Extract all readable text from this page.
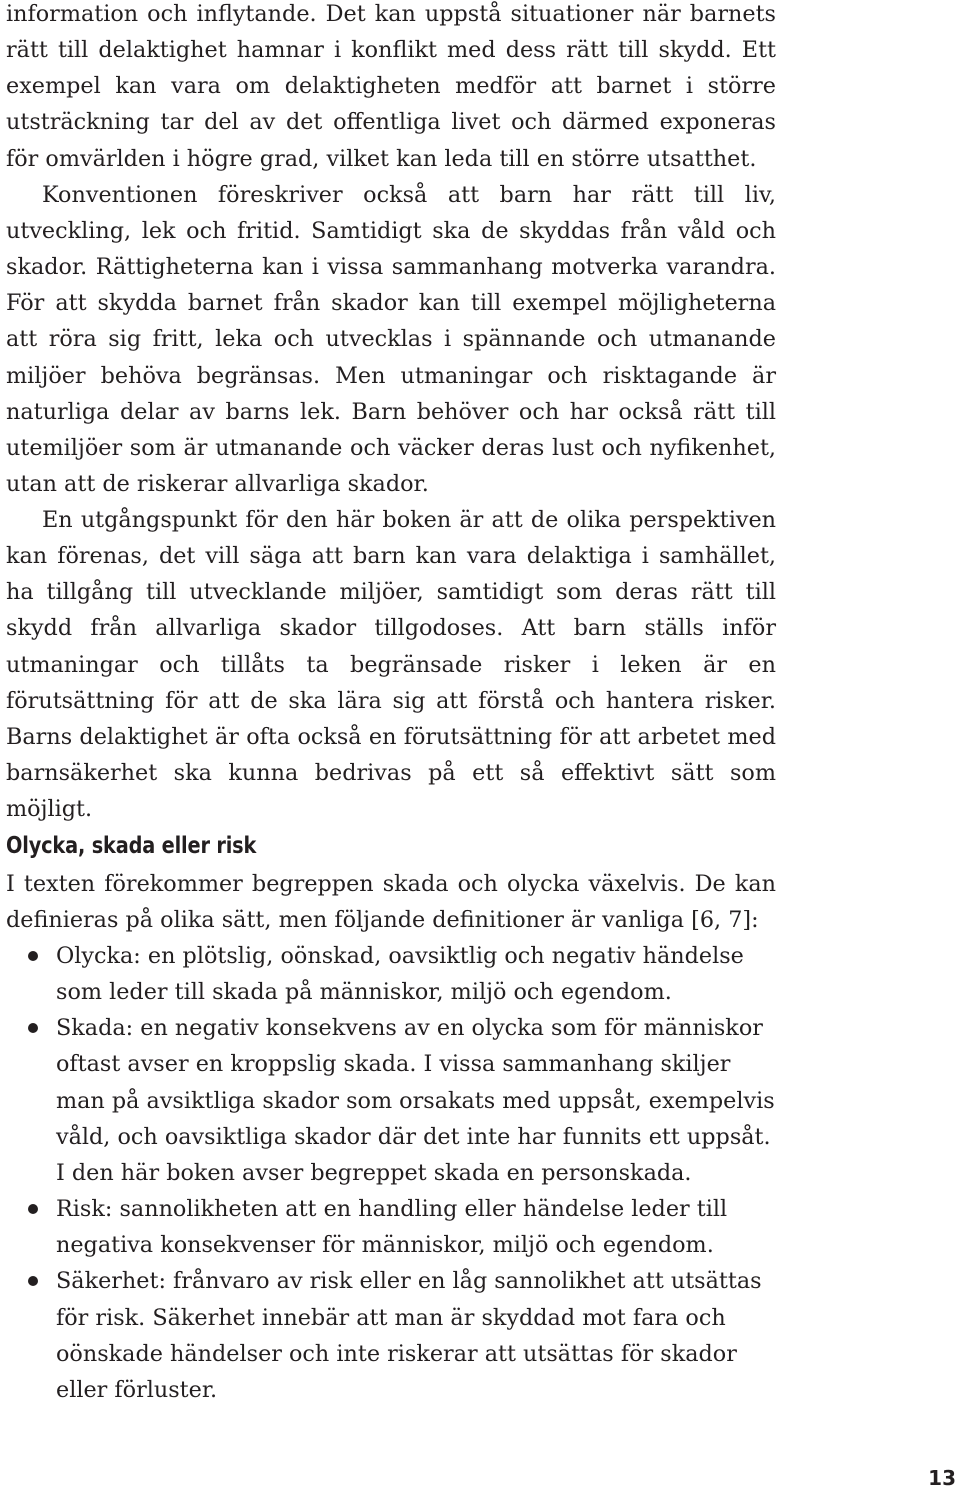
information och inflytande. Det kan uppstå situationer när barnets rätt till delaktighet hamnar i konflikt med dess rätt till skydd. Ett exempel kan vara om delaktigheten medför att barnet i större utsträckning tar del av det offentliga livet och därmed exponeras för omvärlden i högre grad, vilket kan leda till en större utsatthet.

Konventionen föreskriver också att barn har rätt till liv, utveckling, lek och fritid. Samtidigt ska de skyddas från våld och skador. Rättigheterna kan i vissa sammanhang motverka varandra. För att skydda barnet från skador kan till exempel möjligheterna att röra sig fritt, leka och utvecklas i spännande och utmanande miljöer behöva begränsas. Men utmaningar och risktagande är naturliga delar av barns lek. Barn behöver och har också rätt till utemiljöer som är utmanande och väcker deras lust och nyfikenhet, utan att de riskerar allvarliga skador.

En utgångspunkt för den här boken är att de olika perspektiven kan förenas, det vill säga att barn kan vara delaktiga i samhället, ha tillgång till utvecklande miljöer, samtidigt som deras rätt till skydd från allvarliga skador tillgodoses. Att barn ställs inför utmaningar och tillåts ta begränsade risker i leken är en förutsättning för att de ska lära sig att förstå och hantera risker. Barns delaktighet är ofta också en förutsättning för att arbetet med barnsäkerhet ska kunna bedrivas på ett så effektivt sätt som möjligt.

Olycka, skada eller risk

I texten förekommer begreppen skada och olycka växelvis. De kan definieras på olika sätt, men följande definitioner är vanliga [6, 7]:

Olycka: en plötslig, oönskad, oavsiktlig och negativ händelse som leder till skada på människor, miljö och egendom.
Skada: en negativ konsekvens av en olycka som för människor oftast avser en kroppslig skada. I vissa sammanhang skiljer man på avsiktliga skador som orsakats med uppsåt, exempelvis våld, och oavsiktliga skador där det inte har funnits ett uppsåt. I den här boken avser begreppet skada en personskada.
Risk: sannolikheten att en handling eller händelse leder till negativa konsekvenser för människor, miljö och egendom.
Säkerhet: frånvaro av risk eller en låg sannolikhet att utsättas för risk. Säkerhet innebär att man är skyddad mot fara och oönskade händelser och inte riskerar att utsättas för skador eller förluster.
13
